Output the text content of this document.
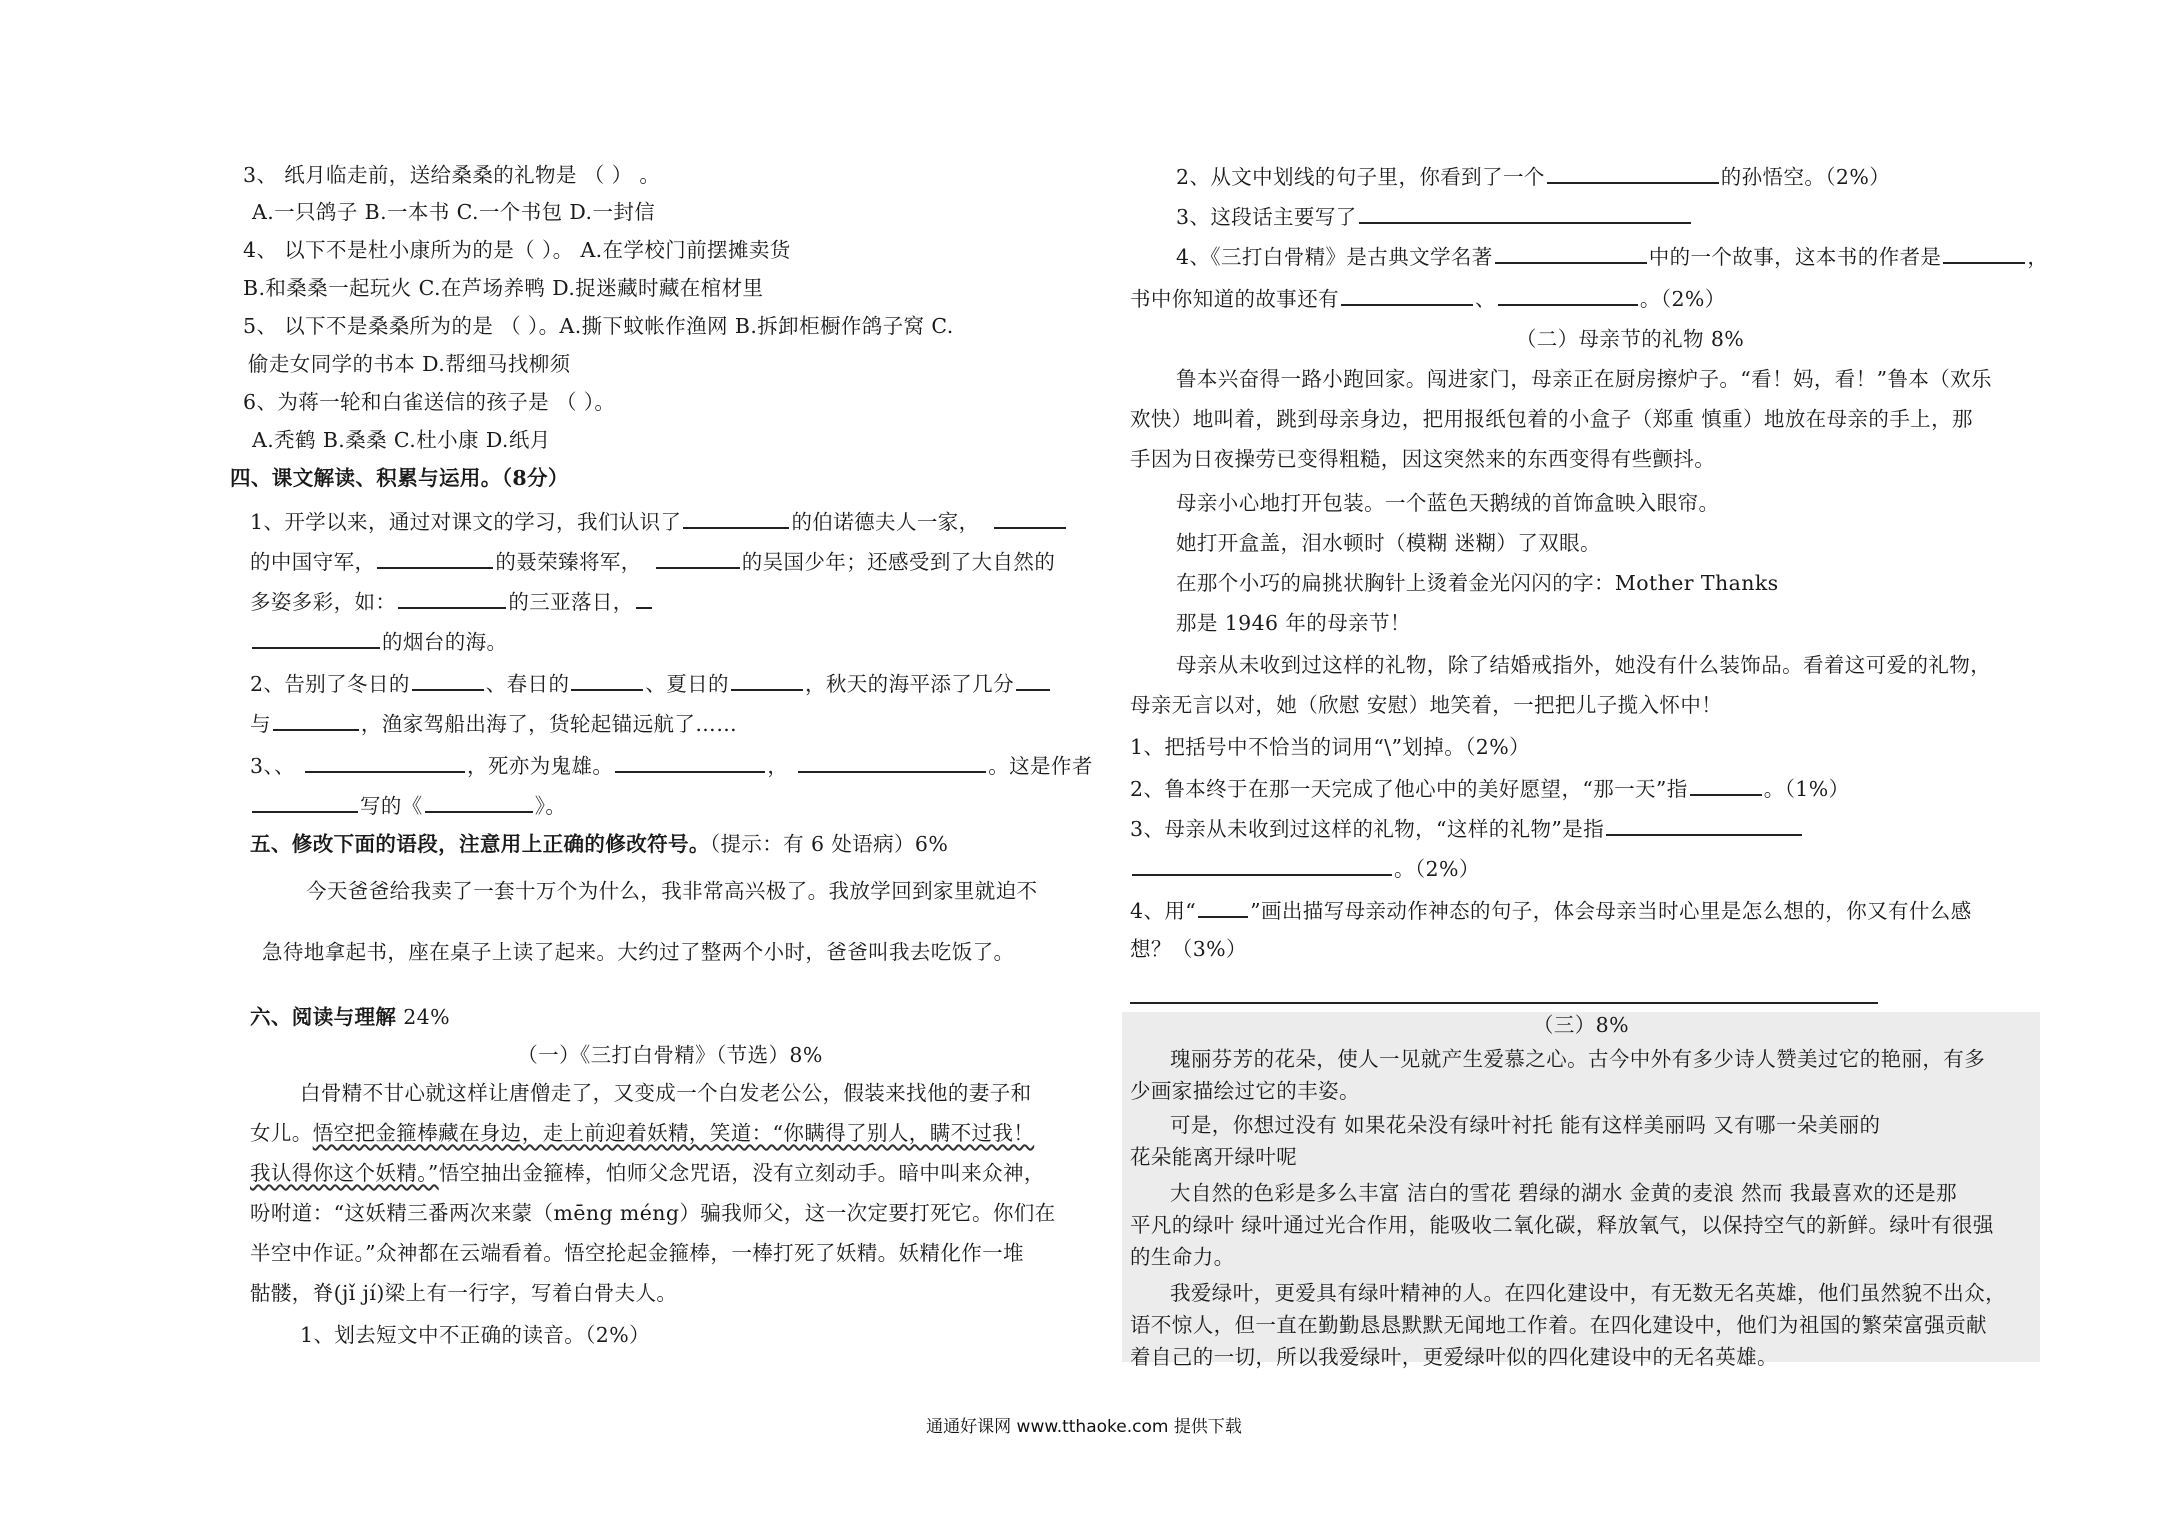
3、 纸月临走前，送给桑桑的礼物是 （ ） 。
A.一只鸽子 B.一本书 C.一个书包 D.一封信
4、 以下不是杜小康所为的是（ ）。 A.在学校门前摆摊卖货
B.和桑桑一起玩火 C.在芦场养鸭 D.捉迷藏时藏在棺材里
5、 以下不是桑桑所为的是 （ ）。A.撕下蚊帐作渔网 B.拆卸柜橱作鸽子窝 C.
偷走女同学的书本 D.帮细马找柳须
6、为蒋一轮和白雀送信的孩子是 （ ）。
A.秃鹤 B.桑桑 C.杜小康 D.纸月
四、课文解读、积累与运用。（8分）
1、开学以来，通过对课文的学习，我们认识了	的伯诺德夫人一家，
的中国守军，	的聂荣臻将军，	的吴国少年；还感受到了大自然的
多姿多彩，如：	的三亚落日，
的烟台的海。
2、告别了冬日的	、春日的	、夏日的	，秋天的海平添了几分
与	，渔家驾船出海了，货轮起锚远航了……
3、、	，死亦为鬼雄。	，	。这是作者
写的《	》。
五、修改下面的语段，注意用上正确的修改符号。（提示：有 6 处语病）6%
今天爸爸给我卖了一套十万个为什么，我非常高兴极了。我放学回到家里就迫不
急待地拿起书，座在桌子上读了起来。大约过了整两个小时，爸爸叫我去吃饭了。
六、阅读与理解 24%
（一）《三打白骨精》（节选）8%
白骨精不甘心就这样让唐僧走了，又变成一个白发老公公，假装来找他的妻子和
女儿。悟空把金箍棒藏在身边，走上前迎着妖精，笑道：“你瞒得了别人，瞒不过我！
我认得你这个妖精。”悟空抽出金箍棒，怕师父念咒语，没有立刻动手。暗中叫来众神，
吩咐道：“这妖精三番两次来蒙（mēng méng）骗我师父，这一次定要打死它。你们在
半空中作证。”众神都在云端看着。悟空抡起金箍棒，一棒打死了妖精。妖精化作一堆
骷髅，脊(jǐ jí)梁上有一行字，写着白骨夫人。
1、划去短文中不正确的读音。（2%）
2、从文中划线的句子里，你看到了一个	的孙悟空。（2%）
3、这段话主要写了
4、《三打白骨精》是古典文学名著	中的一个故事，这本书的作者是	，
书中你知道的故事还有	、	。（2%）
（二）母亲节的礼物 8%
鲁本兴奋得一路小跑回家。闯进家门，母亲正在厨房擦炉子。“看！妈，看！”鲁本（欢乐
欢快）地叫着，跳到母亲身边，把用报纸包着的小盒子（郑重 慎重）地放在母亲的手上，那
手因为日夜操劳已变得粗糙，因这突然来的东西变得有些颤抖。
母亲小心地打开包装。一个蓝色天鹅绒的首饰盒映入眼帘。
她打开盒盖，泪水顿时（模糊 迷糊）了双眼。
在那个小巧的扁挑状胸针上烫着金光闪闪的字：Mother Thanks
那是 1946 年的母亲节！
母亲从未收到过这样的礼物，除了结婚戒指外，她没有什么装饰品。看着这可爱的礼物，
母亲无言以对，她（欣慰 安慰）地笑着，一把把儿子揽入怀中！
1、把括号中不恰当的词用“\”划掉。（2%）
2、鲁本终于在那一天完成了他心中的美好愿望，“那一天”指	。（1%）
3、母亲从未收到过这样的礼物，“这样的礼物”是指
。（2%）
4、用“	”画出描写母亲动作神态的句子，体会母亲当时心里是怎么想的，你又有什么感
想？（3%）
（三）8%
瑰丽芬芳的花朵，使人一见就产生爱慕之心。古今中外有多少诗人赞美过它的艳丽，有多
少画家描绘过它的丰姿。
可是，你想过没有 如果花朵没有绿叶衬托 能有这样美丽吗 又有哪一朵美丽的
花朵能离开绿叶呢
大自然的色彩是多么丰富 洁白的雪花 碧绿的湖水 金黄的麦浪 然而 我最喜欢的还是那
平凡的绿叶 绿叶通过光合作用，能吸收二氧化碳，释放氧气，以保持空气的新鲜。绿叶有很强
的生命力。
我爱绿叶，更爱具有绿叶精神的人。在四化建设中，有无数无名英雄，他们虽然貌不出众，
语不惊人，但一直在勤勤恳恳默默无闻地工作着。在四化建设中，他们为祖国的繁荣富强贡献
着自己的一切，所以我爱绿叶，更爱绿叶似的四化建设中的无名英雄。
通通好课网 www.tthaoke.com 提供下载
